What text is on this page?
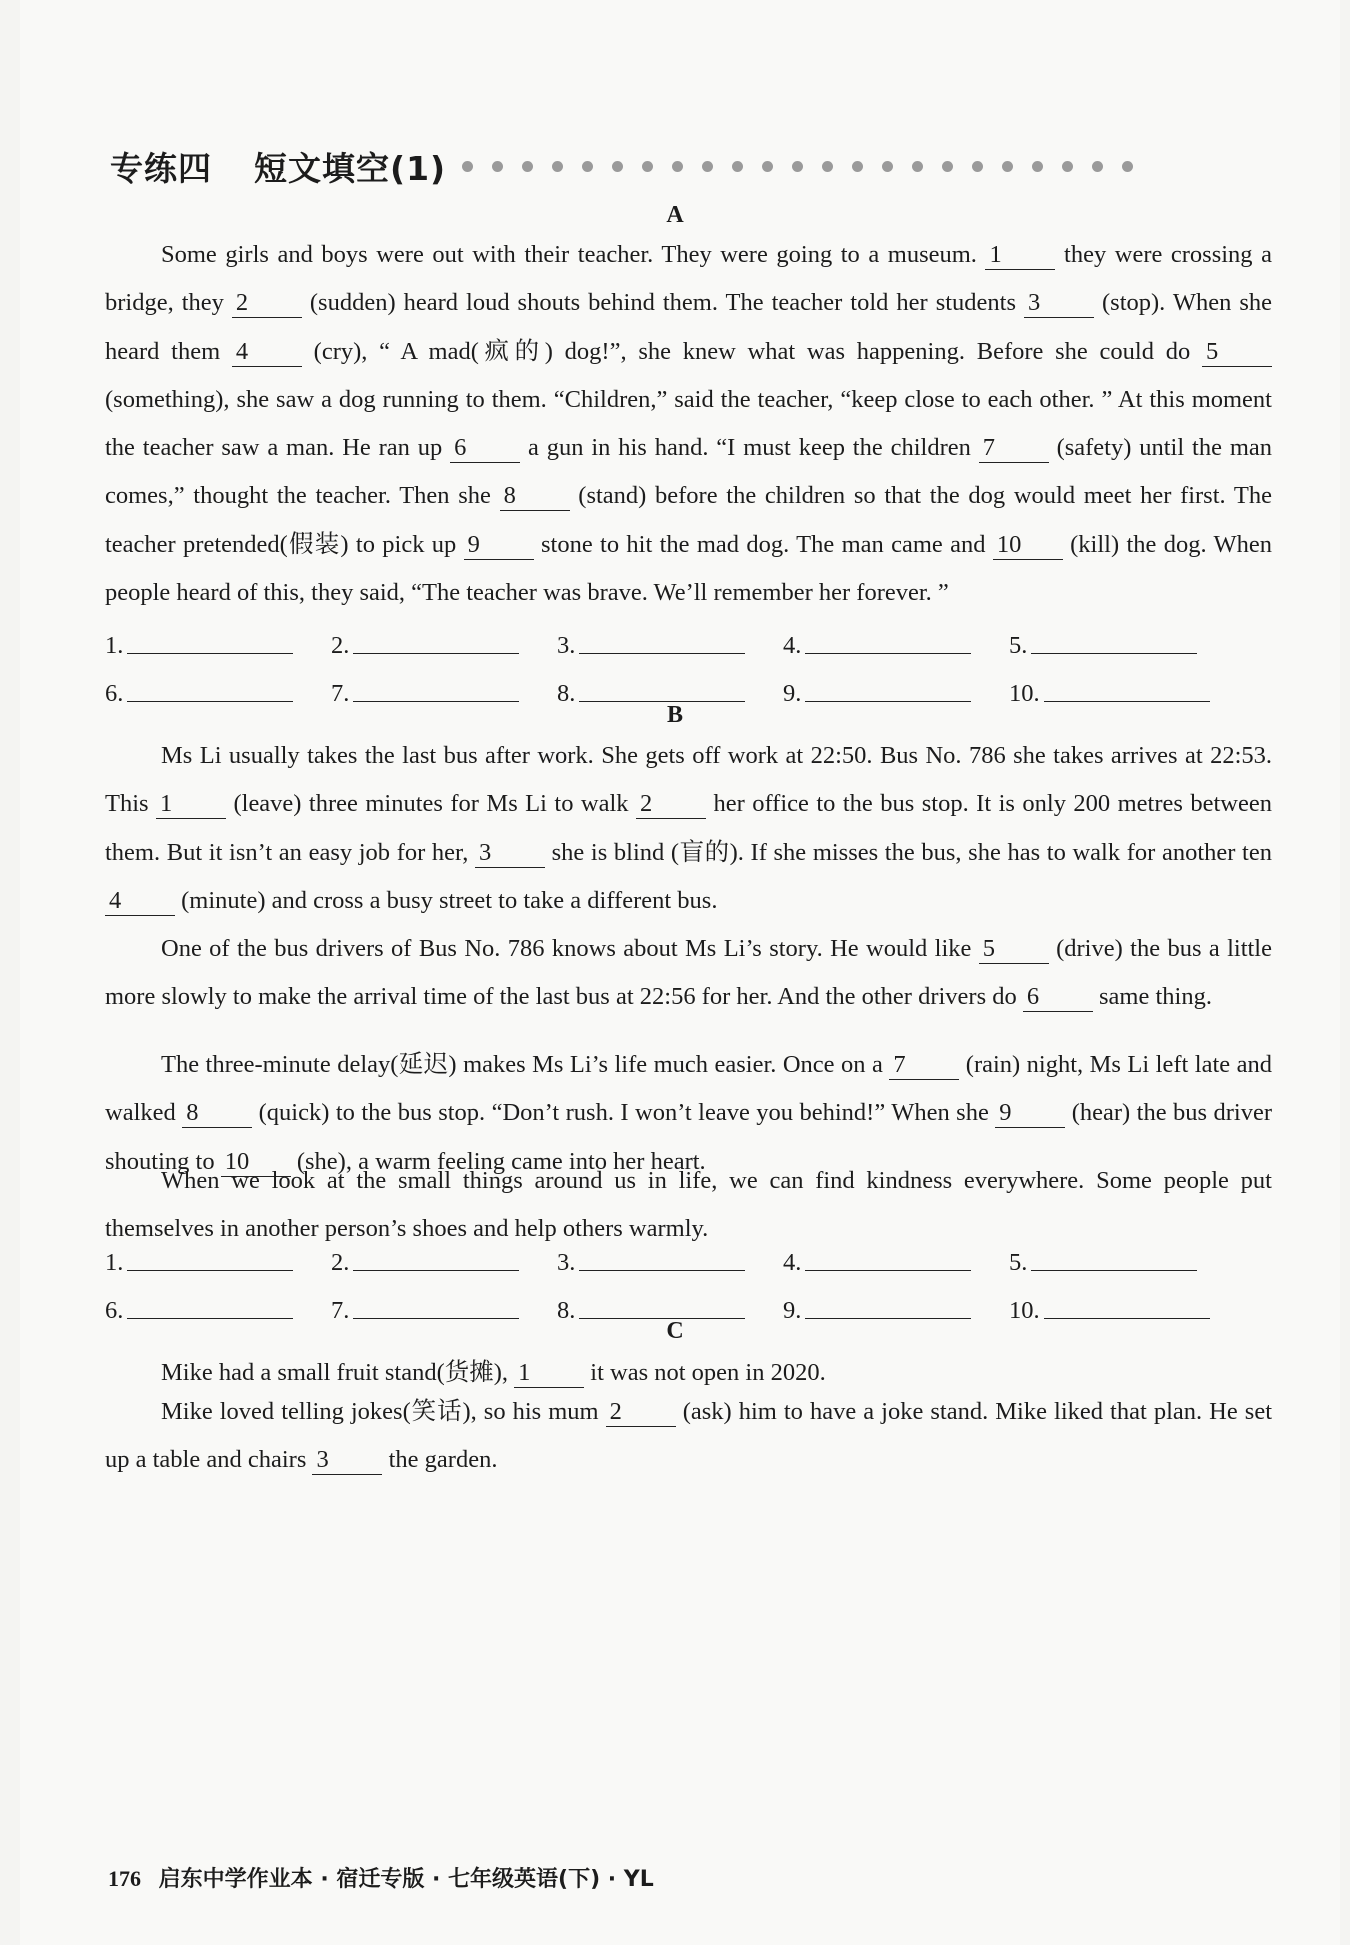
专练四 短文填空(1)
A
Some girls and boys were out with their teacher. They were going to a museum. 1 they were crossing a bridge, they 2 (sudden) heard loud shouts behind them. The teacher told her students 3 (stop). When she heard them 4 (cry), “ A mad(疯的) dog!”, she knew what was happening. Before she could do 5 (something), she saw a dog running to them. “Children,” said the teacher, “keep close to each other. ” At this moment the teacher saw a man. He ran up 6 a gun in his hand. “I must keep the children 7 (safety) until the man comes,” thought the teacher. Then she 8 (stand) before the children so that the dog would meet her first. The teacher pretended(假装) to pick up 9 stone to hit the mad dog. The man came and 10 (kill) the dog. When people heard of this, they said, “The teacher was brave. We’ll remember her forever. ”
1.	2.	3.	4.	5.
6.	7.	8.	9.	10.
B
Ms Li usually takes the last bus after work. She gets off work at 22:50. Bus No. 786 she takes arrives at 22:53. This 1 (leave) three minutes for Ms Li to walk 2 her office to the bus stop. It is only 200 metres between them. But it isn’t an easy job for her, 3 she is blind (盲的). If she misses the bus, she has to walk for another ten 4 (minute) and cross a busy street to take a different bus.
One of the bus drivers of Bus No. 786 knows about Ms Li’s story. He would like 5 (drive) the bus a little more slowly to make the arrival time of the last bus at 22:56 for her. And the other drivers do 6 same thing.
The three-minute delay(延迟) makes Ms Li’s life much easier. Once on a 7 (rain) night, Ms Li left late and walked 8 (quick) to the bus stop. “Don’t rush. I won’t leave you behind!” When she 9 (hear) the bus driver shouting to 10 (she), a warm feeling came into her heart.
When we look at the small things around us in life, we can find kindness everywhere. Some people put themselves in another person’s shoes and help others warmly.
1.	2.	3.	4.	5.
6.	7.	8.	9.	10.
C
Mike had a small fruit stand(货摊), 1 it was not open in 2020.
Mike loved telling jokes(笑话), so his mum 2 (ask) him to have a joke stand. Mike liked that plan. He set up a table and chairs 3 the garden.
176 启东中学作业本 · 宿迁专版 · 七年级英语(下) · YL
